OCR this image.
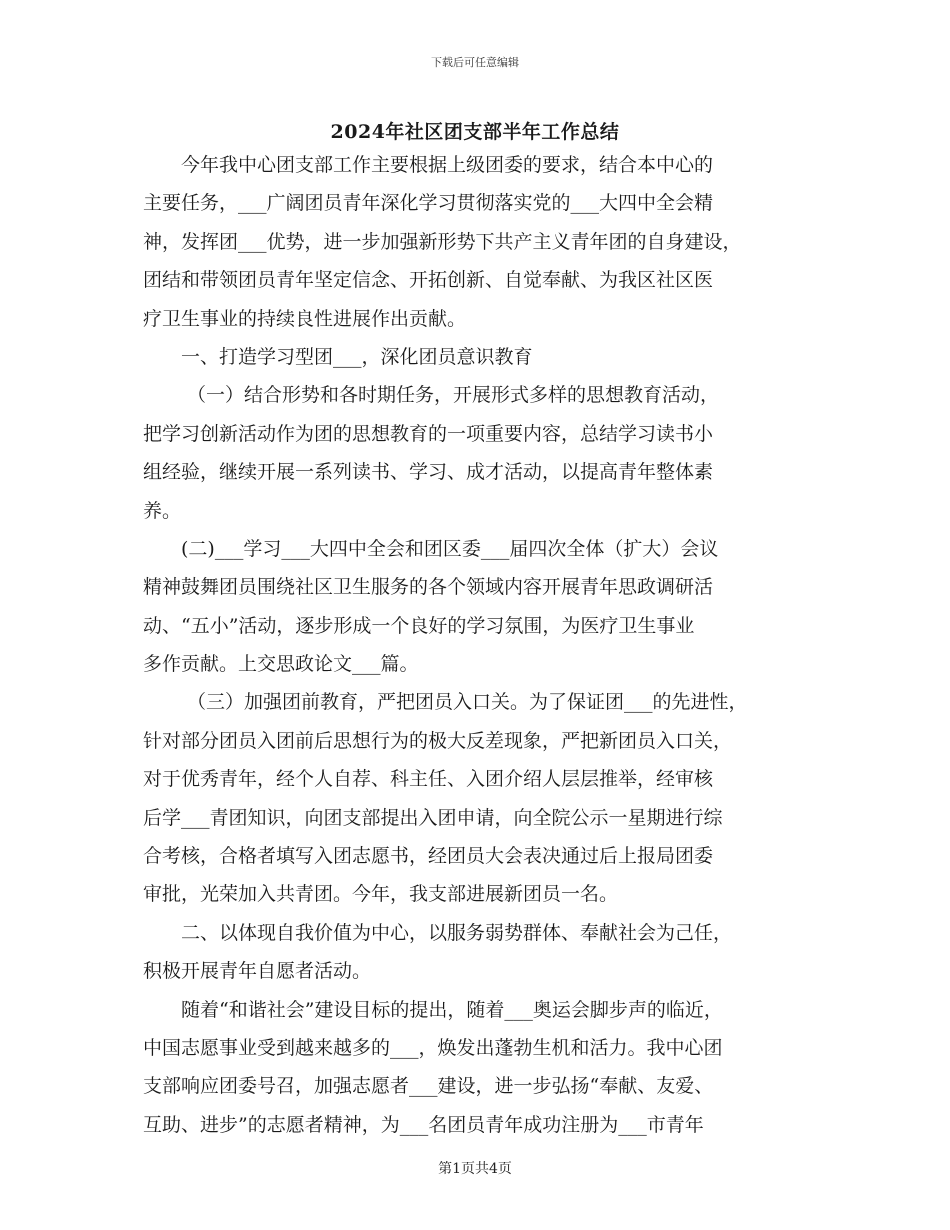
下载后可任意编辑
2024年社区团支部半年工作总结
今年我中心团支部工作主要根据上级团委的要求，结合本中心的
主要任务，___广阔团员青年深化学习贯彻落实党的___大四中全会精
神，发挥团___优势，进一步加强新形势下共产主义青年团的自身建设，
团结和带领团员青年坚定信念、开拓创新、自觉奉献、为我区社区医
疗卫生事业的持续良性进展作出贡献。
一、打造学习型团___，深化团员意识教育
（一）结合形势和各时期任务，开展形式多样的思想教育活动，
把学习创新活动作为团的思想教育的一项重要内容，总结学习读书小
组经验，继续开展一系列读书、学习、成才活动，以提高青年整体素
养。
(二)___学习___大四中全会和团区委___届四次全体（扩大）会议
精神鼓舞团员围绕社区卫生服务的各个领域内容开展青年思政调研活
动、“五小”活动，逐步形成一个良好的学习氛围，为医疗卫生事业
多作贡献。上交思政论文___篇。
（三）加强团前教育，严把团员入口关。为了保证团___的先进性，
针对部分团员入团前后思想行为的极大反差现象，严把新团员入口关，
对于优秀青年，经个人自荐、科主任、入团介绍人层层推举，经审核
后学___青团知识，向团支部提出入团申请，向全院公示一星期进行综
合考核，合格者填写入团志愿书，经团员大会表决通过后上报局团委
审批，光荣加入共青团。今年，我支部进展新团员一名。
二、以体现自我价值为中心，以服务弱势群体、奉献社会为己任，
积极开展青年自愿者活动。
随着“和谐社会”建设目标的提出，随着___奥运会脚步声的临近，
中国志愿事业受到越来越多的___，焕发出蓬勃生机和活力。我中心团
支部响应团委号召，加强志愿者___建设，进一步弘扬“奉献、友爱、
互助、进步”的志愿者精神，为___名团员青年成功注册为___市青年
第1页共4页
